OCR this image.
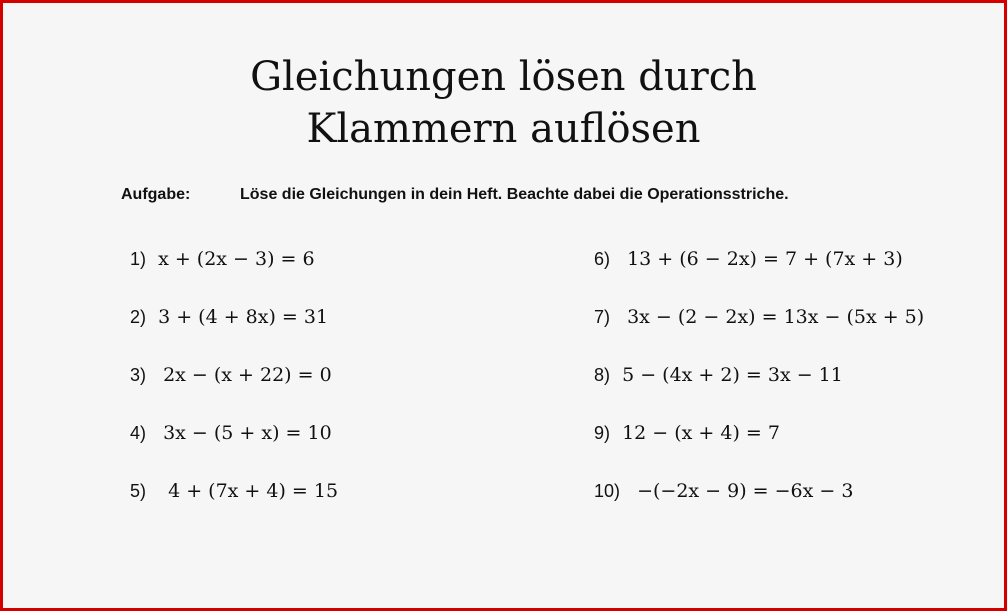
Gleichungen lösen durch
Klammern auflösen
Aufgabe:	Löse die Gleichungen in dein Heft. Beachte dabei die Operationsstriche.
1) x + (2x − 3) = 6
2) 3 + (4 + 8x) = 31
3) 2x − (x + 22) = 0
4) 3x − (5 + x) = 10
5) 4 + (7x + 4) = 15
6) 13 + (6 − 2x) = 7 + (7x + 3)
7) 3x − (2 − 2x) = 13x − (5x + 5)
8) 5 − (4x + 2) = 3x − 11
9) 12 − (x + 4) = 7
10) −(−2x − 9) = −6x − 3
